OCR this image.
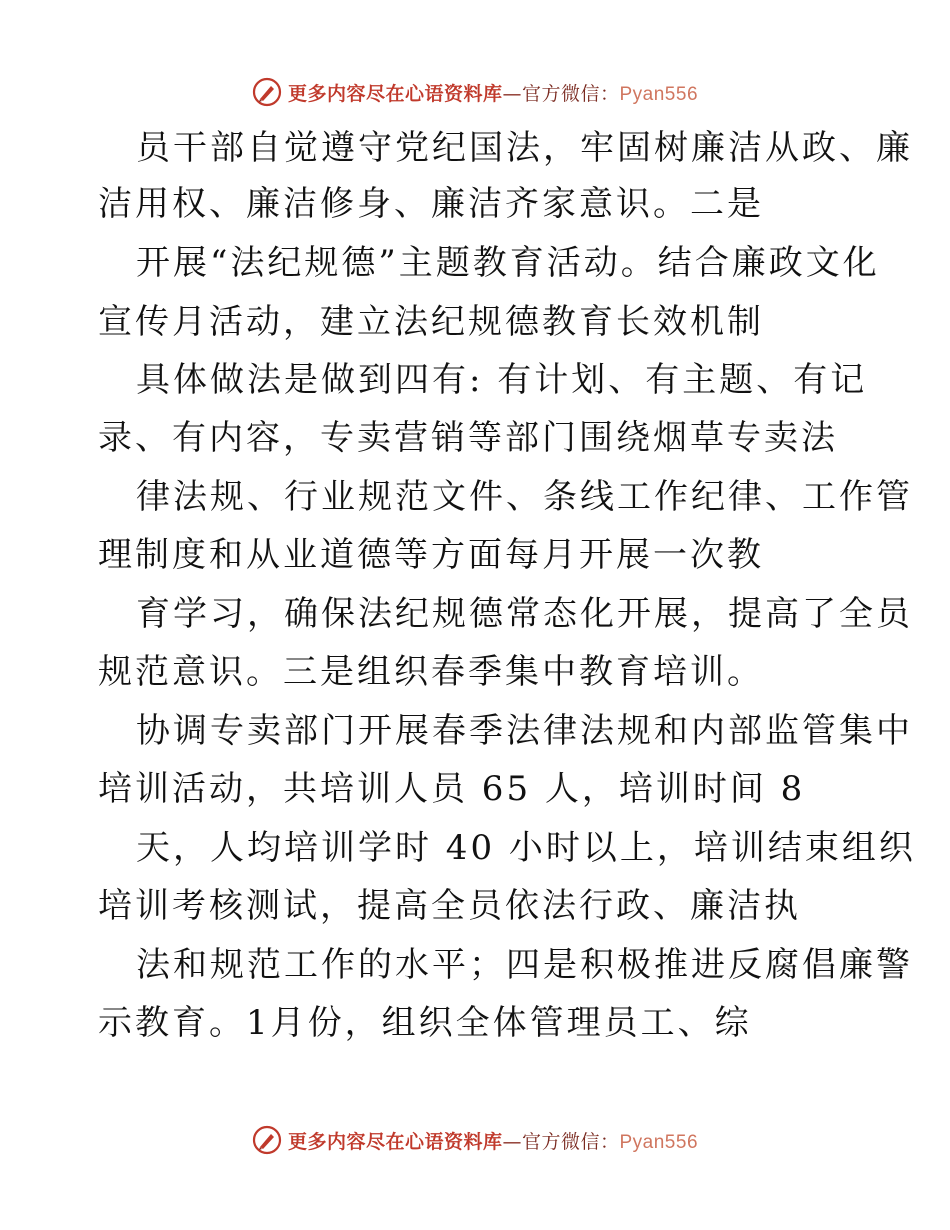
更多内容尽在心语资料库—官方微信：Pyan556
员干部自觉遵守党纪国法，牢固树廉洁从政、廉
洁用权、廉洁修身、廉洁齐家意识。二是
开展“法纪规德”主题教育活动。结合廉政文化
宣传月活动，建立法纪规德教育长效机制
具体做法是做到四有: 有计划、有主题、有记
录、有内容，专卖营销等部门围绕烟草专卖法
律法规、行业规范文件、条线工作纪律、工作管
理制度和从业道德等方面每月开展一次教
育学习，确保法纪规德常态化开展，提高了全员
规范意识。三是组织春季集中教育培训。
协调专卖部门开展春季法律法规和内部监管集中
培训活动，共培训人员 65 人，培训时间 8
天，人均培训学时 40 小时以上，培训结束组织
培训考核测试，提高全员依法行政、廉洁执
法和规范工作的水平；四是积极推进反腐倡廉警
示教育。1月份，组织全体管理员工、综
更多内容尽在心语资料库—官方微信：Pyan556
